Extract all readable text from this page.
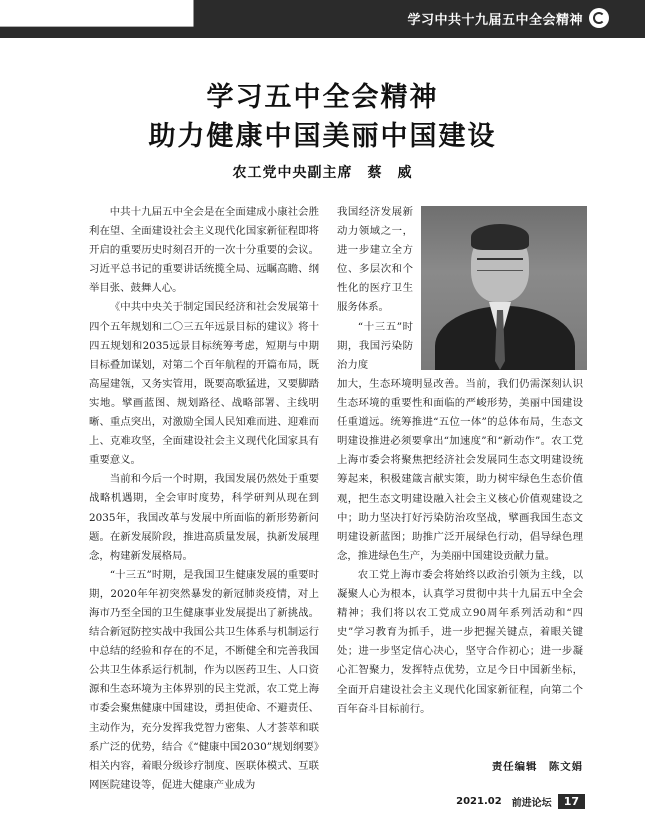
学习中共十九届五中全会精神
学习五中全会精神
助力健康中国美丽中国建设
农工党中央副主席　蔡　威

中共十九届五中全会是在全面建成小康社会胜利在望、全面建设社会主义现代化国家新征程即将开启的重要历史时刻召开的一次十分重要的会议。习近平总书记的重要讲话统揽全局、远瞩高瞻、纲举目张、鼓舞人心。

《中共中央关于制定国民经济和社会发展第十四个五年规划和二〇三五年远景目标的建议》将十四五规划和2035远景目标统筹考虑，短期与中期目标叠加谋划，对第二个百年航程的开篇布局，既高屋建瓴，又务实管用，既要高歌猛进，又要脚踏实地。擘画蓝图、规划路径、战略部署、主线明晰、重点突出，对激励全国人民知难而进、迎难而上、克难攻坚，全面建设社会主义现代化国家具有重要意义。

当前和今后一个时期，我国发展仍然处于重要战略机遇期，全会审时度势，科学研判从现在到2035年，我国改革与发展中所面临的新形势新问题。在新发展阶段，推进高质量发展，执新发展理念，构建新发展格局。

“十三五”时期，是我国卫生健康发展的重要时期，2020年年初突然暴发的新冠肺炎疫情，对上海市乃至全国的卫生健康事业发展提出了新挑战。结合新冠防控实战中我国公共卫生体系与机制运行中总结的经验和存在的不足，不断健全和完善我国公共卫生体系运行机制，作为以医药卫生、人口资源和生态环境为主体界别的民主党派，农工党上海市委会聚焦健康中国建设，勇担使命、不避责任、主动作为，充分发挥我党智力密集、人才荟萃和联系广泛的优势，结合《“健康中国2030”规划纲要》相关内容，着眼分级诊疗制度、医联体模式、互联网医院建设等，促进大健康产业成为

我国经济发展新动力领域之一，进一步建立全方位、多层次和个性化的医疗卫生服务体系。

“十三五”时期，我国污染防治力度

加大，生态环境明显改善。当前，我们仍需深刻认识生态环境的重要性和面临的严峻形势，美丽中国建设任重道远。统筹推进“五位一体”的总体布局，生态文明建设推进必须要拿出“加速度”和“新动作”。农工党上海市委会将聚焦把经济社会发展同生态文明建设统筹起来，积极建箴言献实策，助力树牢绿色生态价值观，把生态文明建设融入社会主义核心价值观建设之中；助力坚决打好污染防治攻坚战，擘画我国生态文明建设新蓝图；助推广泛开展绿色行动，倡导绿色理念，推进绿色生产，为美丽中国建设贡献力量。

农工党上海市委会将始终以政治引领为主线，以凝聚人心为根本，认真学习贯彻中共十九届五中全会精神；我们将以农工党成立90周年系列活动和“四史”学习教育为抓手，进一步把握关键点，着眼关键处；进一步坚定信心决心，坚守合作初心；进一步凝心汇智聚力，发挥特点优势，立足今日中国新坐标，全面开启建设社会主义现代化国家新征程，向第二个百年奋斗目标前行。

责任编辑　陈文娟
2021.02 前进论坛	17
